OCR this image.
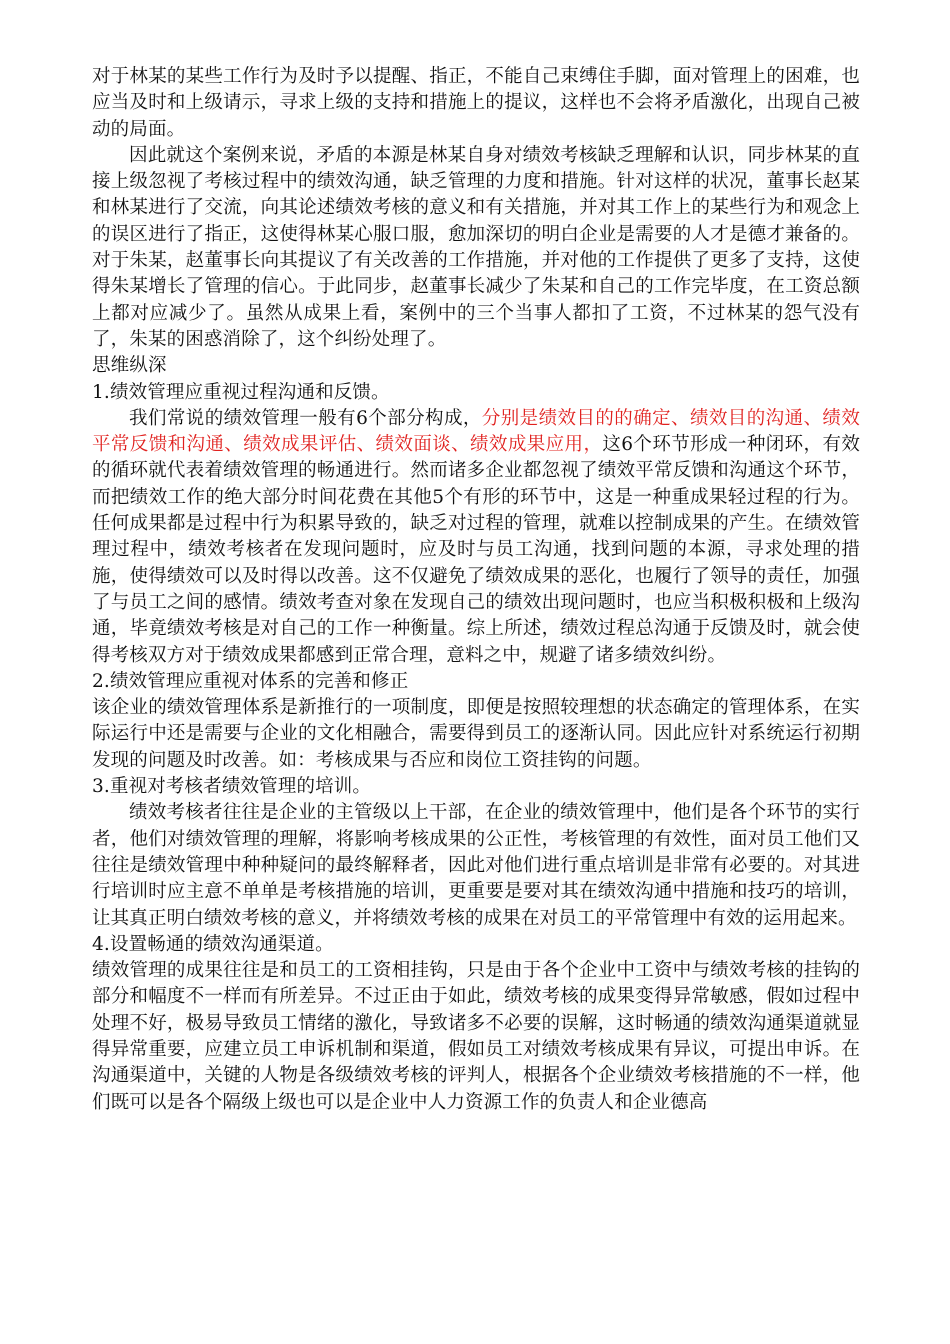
对于林某的某些工作行为及时予以提醒、指正，不能自己束缚住手脚，面对管理上的困难，也应当及时和上级请示，寻求上级的支持和措施上的提议，这样也不会将矛盾激化，出现自己被动的局面。

因此就这个案例来说，矛盾的本源是林某自身对绩效考核缺乏理解和认识，同步林某的直接上级忽视了考核过程中的绩效沟通，缺乏管理的力度和措施。针对这样的状况，董事长赵某和林某进行了交流，向其论述绩效考核的意义和有关措施，并对其工作上的某些行为和观念上的误区进行了指正，这使得林某心服口服，愈加深切的明白企业是需要的人才是德才兼备的。对于朱某，赵董事长向其提议了有关改善的工作措施，并对他的工作提供了更多了支持，这使得朱某增长了管理的信心。于此同步，赵董事长减少了朱某和自己的工作完毕度，在工资总额上都对应减少了。虽然从成果上看，案例中的三个当事人都扣了工资，不过林某的怨气没有了，朱某的困惑消除了，这个纠纷处理了。

思维纵深

1.绩效管理应重视过程沟通和反馈。

我们常说的绩效管理一般有6个部分构成，分别是绩效目的的确定、绩效目的沟通、绩效平常反馈和沟通、绩效成果评估、绩效面谈、绩效成果应用，这6个环节形成一种闭环，有效的循环就代表着绩效管理的畅通进行。然而诸多企业都忽视了绩效平常反馈和沟通这个环节，而把绩效工作的绝大部分时间花费在其他5个有形的环节中，这是一种重成果轻过程的行为。任何成果都是过程中行为积累导致的，缺乏对过程的管理，就难以控制成果的产生。在绩效管理过程中，绩效考核者在发现问题时，应及时与员工沟通，找到问题的本源，寻求处理的措施，使得绩效可以及时得以改善。这不仅避免了绩效成果的恶化，也履行了领导的责任，加强了与员工之间的感情。绩效考查对象在发现自己的绩效出现问题时，也应当积极积极和上级沟通，毕竟绩效考核是对自己的工作一种衡量。综上所述，绩效过程总沟通于反馈及时，就会使得考核双方对于绩效成果都感到正常合理，意料之中，规避了诸多绩效纠纷。

2.绩效管理应重视对体系的完善和修正

该企业的绩效管理体系是新推行的一项制度，即便是按照较理想的状态确定的管理体系，在实际运行中还是需要与企业的文化相融合，需要得到员工的逐渐认同。因此应针对系统运行初期发现的问题及时改善。如：考核成果与否应和岗位工资挂钩的问题。

3.重视对考核者绩效管理的培训。

绩效考核者往往是企业的主管级以上干部，在企业的绩效管理中，他们是各个环节的实行者，他们对绩效管理的理解，将影响考核成果的公正性，考核管理的有效性，面对员工他们又往往是绩效管理中种种疑问的最终解释者，因此对他们进行重点培训是非常有必要的。对其进行培训时应主意不单单是考核措施的培训，更重要是要对其在绩效沟通中措施和技巧的培训，让其真正明白绩效考核的意义，并将绩效考核的成果在对员工的平常管理中有效的运用起来。

4.设置畅通的绩效沟通渠道。

绩效管理的成果往往是和员工的工资相挂钩，只是由于各个企业中工资中与绩效考核的挂钩的部分和幅度不一样而有所差异。不过正由于如此，绩效考核的成果变得异常敏感，假如过程中处理不好，极易导致员工情绪的激化，导致诸多不必要的误解，这时畅通的绩效沟通渠道就显得异常重要，应建立员工申诉机制和渠道，假如员工对绩效考核成果有异议，可提出申诉。在沟通渠道中，关键的人物是各级绩效考核的评判人，根据各个企业绩效考核措施的不一样，他们既可以是各个隔级上级也可以是企业中人力资源工作的负责人和企业德高
